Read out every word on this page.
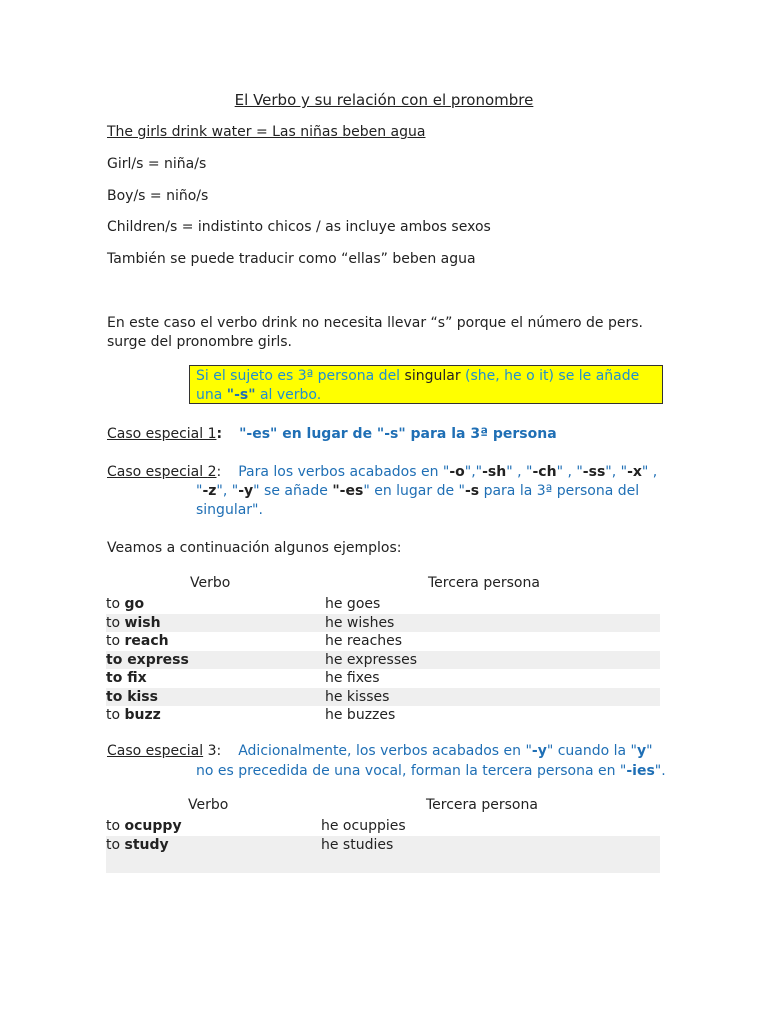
El Verbo y su relación con el pronombre
The girls drink water = Las niñas beben agua
Girl/s = niña/s
Boy/s = niño/s
Children/s = indistinto chicos / as incluye ambos sexos
También se puede traducir como “ellas” beben agua
En este caso el verbo drink no necesita llevar “s” porque el número de pers.
surge del pronombre girls.
Si el sujeto es 3ª persona del singular (she, he o it) se le añade
una "-s" al verbo.
Caso especial 1: "-es" en lugar de "-s" para la 3ª persona
Caso especial 2: Para los verbos acabados en "-o","-sh" , "-ch" , "-ss", "-x" ,
"-z", "-y" se añade "-es" en lugar de "-s para la 3ª persona del
singular".
Veamos a continuación algunos ejemplos:
Verbo	Tercera persona
to go	he goes
to wish	he wishes
to reach	he reaches
to express	he expresses
to fix	he fixes
to kiss	he kisses
to buzz	he buzzes
Caso especial 3: Adicionalmente, los verbos acabados en "-y" cuando la "y"
no es precedida de una vocal, forman la tercera persona en "-ies".
Verbo	Tercera persona
to ocuppy	he ocuppies
to study	he studies
